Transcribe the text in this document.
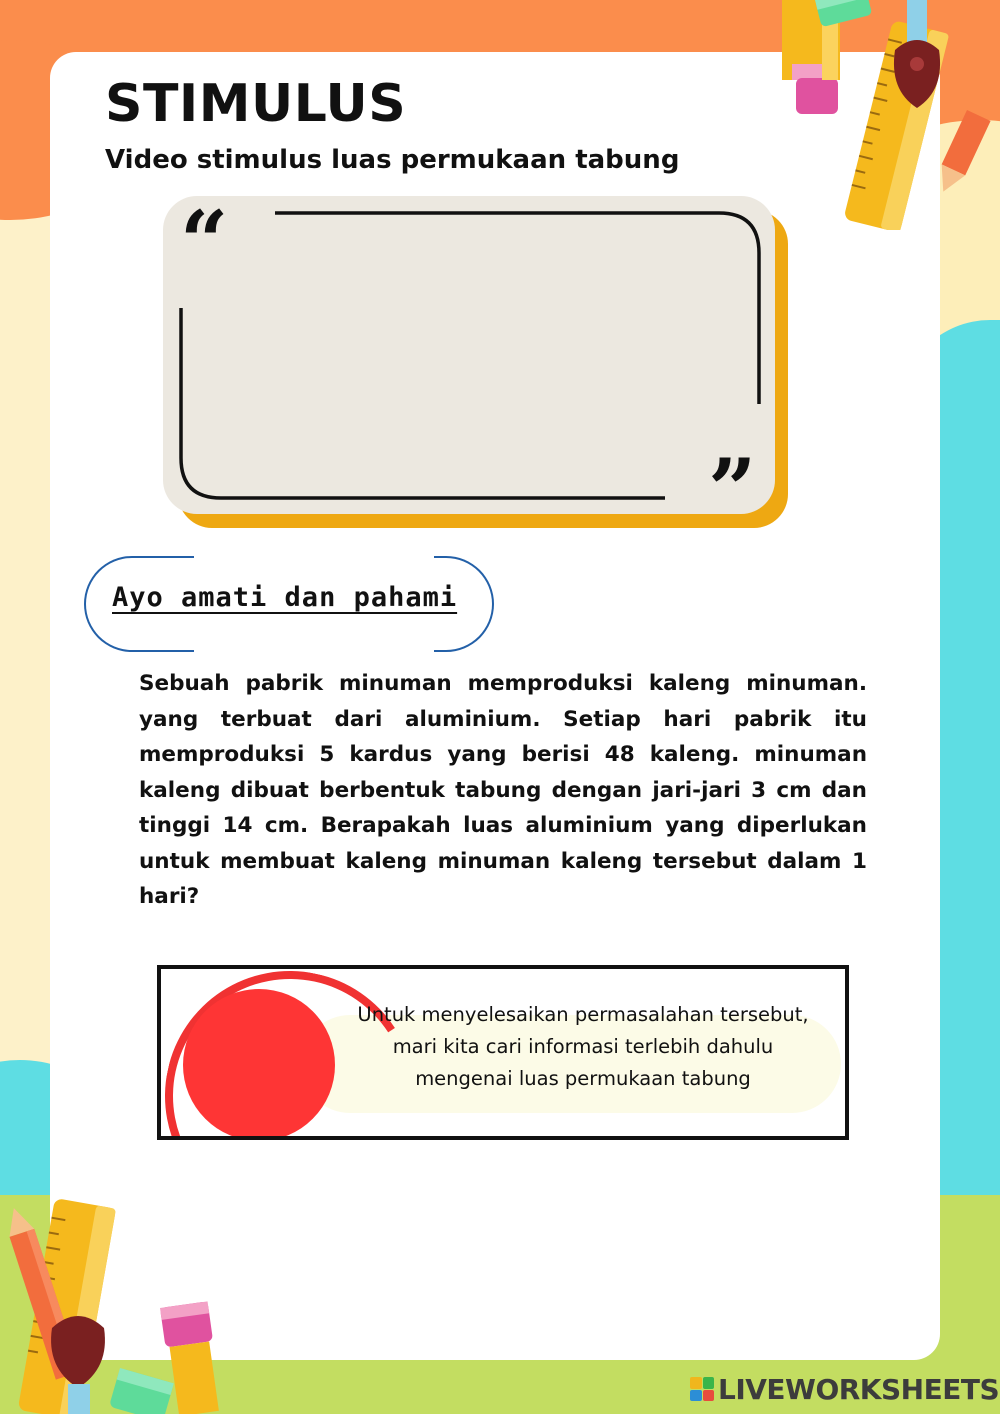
STIMULUS
Video stimulus luas permukaan tabung
“
”
Ayo amati dan pahami

Sebuah pabrik minuman memproduksi kaleng minuman. yang terbuat dari aluminium. Setiap hari pabrik itu memproduksi 5 kardus yang berisi 48 kaleng. minuman kaleng dibuat berbentuk tabung dengan jari-jari 3 cm dan tinggi 14 cm. Berapakah luas aluminium yang diperlukan untuk membuat kaleng minuman kaleng tersebut dalam 1 hari?

Untuk menyelesaikan permasalahan tersebut,
mari kita cari informasi terlebih dahulu
mengenai luas permukaan tabung

LIVEWORKSHEETS
